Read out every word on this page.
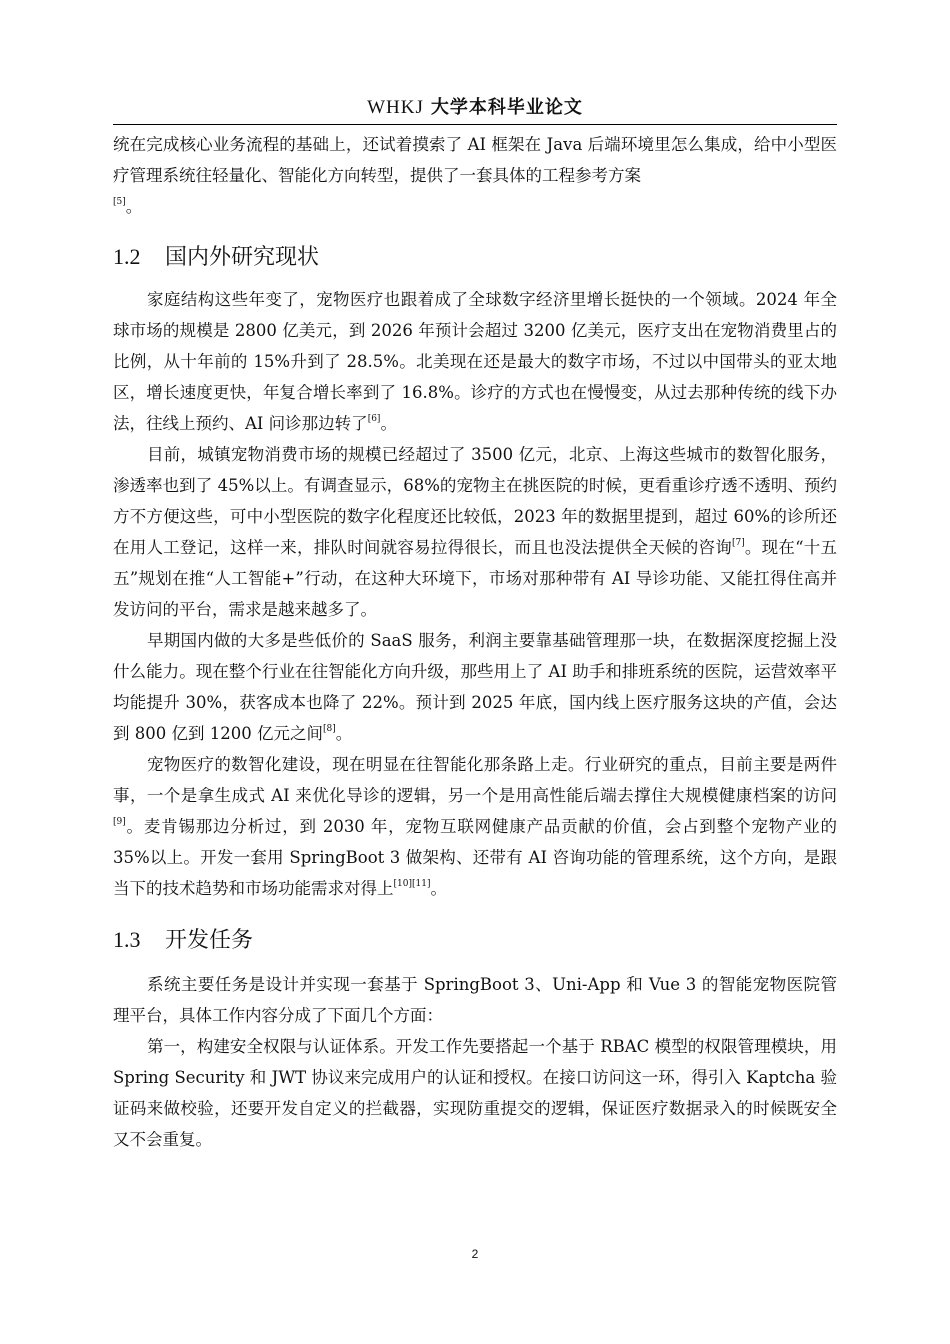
WHKJ 大学本科毕业论文

统在完成核心业务流程的基础上，还试着摸索了 AI 框架在 Java 后端环境里怎么集成，给中小型医疗管理系统往轻量化、智能化方向转型，提供了一套具体的工程参考方案
[5]。

1.2 国内外研究现状

家庭结构这些年变了，宠物医疗也跟着成了全球数字经济里增长挺快的一个领域。2024 年全球市场的规模是 2800 亿美元，到 2026 年预计会超过 3200 亿美元，医疗支出在宠物消费里占的比例，从十年前的 15%升到了 28.5%。北美现在还是最大的数字市场，不过以中国带头的亚太地区，增长速度更快，年复合增长率到了 16.8%。诊疗的方式也在慢慢变，从过去那种传统的线下办法，往线上预约、AI 问诊那边转了[6]。

目前，城镇宠物消费市场的规模已经超过了 3500 亿元，北京、上海这些城市的数智化服务，渗透率也到了 45%以上。有调查显示，68%的宠物主在挑医院的时候，更看重诊疗透不透明、预约方不方便这些，可中小型医院的数字化程度还比较低，2023 年的数据里提到，超过 60%的诊所还在用人工登记，这样一来，排队时间就容易拉得很长，而且也没法提供全天候的咨询[7]。现在“十五五”规划在推“人工智能+”行动，在这种大环境下，市场对那种带有 AI 导诊功能、又能扛得住高并发访问的平台，需求是越来越多了。

早期国内做的大多是些低价的 SaaS 服务，利润主要靠基础管理那一块，在数据深度挖掘上没什么能力。现在整个行业在往智能化方向升级，那些用上了 AI 助手和排班系统的医院，运营效率平均能提升 30%，获客成本也降了 22%。预计到 2025 年底，国内线上医疗服务这块的产值，会达到 800 亿到 1200 亿元之间[8]。

宠物医疗的数智化建设，现在明显在往智能化那条路上走。行业研究的重点，目前主要是两件事，一个是拿生成式 AI 来优化导诊的逻辑，另一个是用高性能后端去撑住大规模健康档案的访问[9]。麦肯锡那边分析过，到 2030 年，宠物互联网健康产品贡献的价值，会占到整个宠物产业的 35%以上。开发一套用 SpringBoot 3 做架构、还带有 AI 咨询功能的管理系统，这个方向，是跟当下的技术趋势和市场功能需求对得上[10][11]。

1.3 开发任务

系统主要任务是设计并实现一套基于 SpringBoot 3、Uni-App 和 Vue 3 的智能宠物医院管理平台，具体工作内容分成了下面几个方面：

第一，构建安全权限与认证体系。开发工作先要搭起一个基于 RBAC 模型的权限管理模块，用 Spring Security 和 JWT 协议来完成用户的认证和授权。在接口访问这一环，得引入 Kaptcha 验证码来做校验，还要开发自定义的拦截器，实现防重提交的逻辑，保证医疗数据录入的时候既安全又不会重复。

2
